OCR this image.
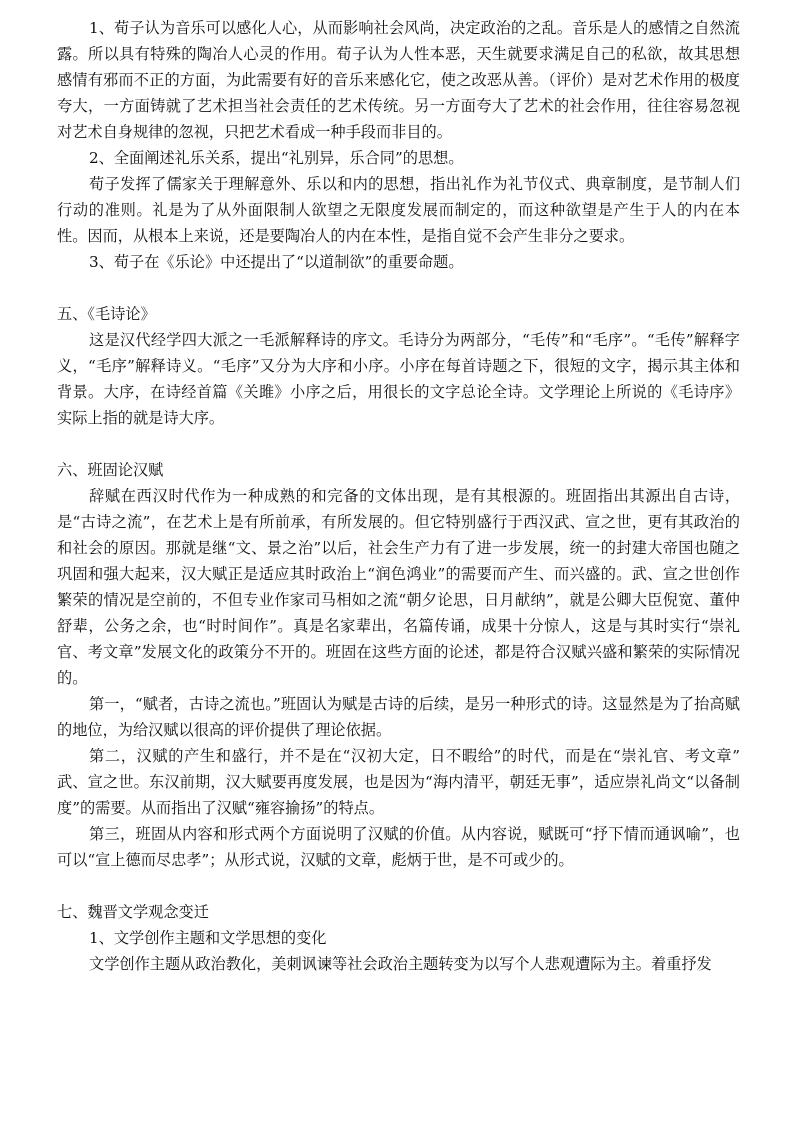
1、荀子认为音乐可以感化人心，从而影响社会风尚，决定政治的之乱。音乐是人的感情之自然流露。所以具有特殊的陶冶人心灵的作用。荀子认为人性本恶，天生就要求满足自己的私欲，故其思想感情有邪而不正的方面，为此需要有好的音乐来感化它，使之改恶从善。（评价）是对艺术作用的极度夸大，一方面铸就了艺术担当社会责任的艺术传统。另一方面夸大了艺术的社会作用，往往容易忽视对艺术自身规律的忽视，只把艺术看成一种手段而非目的。

2、全面阐述礼乐关系，提出“礼别异，乐合同”的思想。

荀子发挥了儒家关于理解意外、乐以和内的思想，指出礼作为礼节仪式、典章制度，是节制人们行动的准则。礼是为了从外面限制人欲望之无限度发展而制定的，而这种欲望是产生于人的内在本性。因而，从根本上来说，还是要陶冶人的内在本性，是指自觉不会产生非分之要求。

3、荀子在《乐论》中还提出了“以道制欲”的重要命题。

五、《毛诗论》

这是汉代经学四大派之一毛派解释诗的序文。毛诗分为两部分，“毛传”和“毛序”。“毛传”解释字义，“毛序”解释诗义。“毛序”又分为大序和小序。小序在每首诗题之下，很短的文字，揭示其主体和背景。大序，在诗经首篇《关雎》小序之后，用很长的文字总论全诗。文学理论上所说的《毛诗序》实际上指的就是诗大序。

六、班固论汉赋

辞赋在西汉时代作为一种成熟的和完备的文体出现，是有其根源的。班固指出其源出自古诗，是“古诗之流”，在艺术上是有所前承，有所发展的。但它特别盛行于西汉武、宣之世，更有其政治的和社会的原因。那就是继“文、景之治”以后，社会生产力有了进一步发展，统一的封建大帝国也随之巩固和强大起来，汉大赋正是适应其时政治上“润色鸿业”的需要而产生、而兴盛的。武、宣之世创作繁荣的情况是空前的，不但专业作家司马相如之流“朝夕论思，日月献纳”，就是公卿大臣倪宽、董仲舒辈，公务之余，也“时时间作”。真是名家辈出，名篇传诵，成果十分惊人，这是与其时实行“崇礼官、考文章”发展文化的政策分不开的。班固在这些方面的论述，都是符合汉赋兴盛和繁荣的实际情况的。

第一，“赋者，古诗之流也。”班固认为赋是古诗的后续，是另一种形式的诗。这显然是为了抬高赋的地位，为给汉赋以很高的评价提供了理论依据。

第二，汉赋的产生和盛行，并不是在“汉初大定，日不暇给”的时代，而是在“崇礼官、考文章” 武、宣之世。东汉前期，汉大赋要再度发展，也是因为“海内清平，朝廷无事”，适应崇礼尚文“以备制度”的需要。从而指出了汉赋“雍容揄扬”的特点。

第三，班固从内容和形式两个方面说明了汉赋的价值。从内容说，赋既可“抒下情而通讽喻”，也可以“宣上德而尽忠孝”；从形式说，汉赋的文章，彪炳于世，是不可或少的。

七、魏晋文学观念变迁

1、文学创作主题和文学思想的变化

文学创作主题从政治教化，美刺讽谏等社会政治主题转变为以写个人悲观遭际为主。着重抒发
